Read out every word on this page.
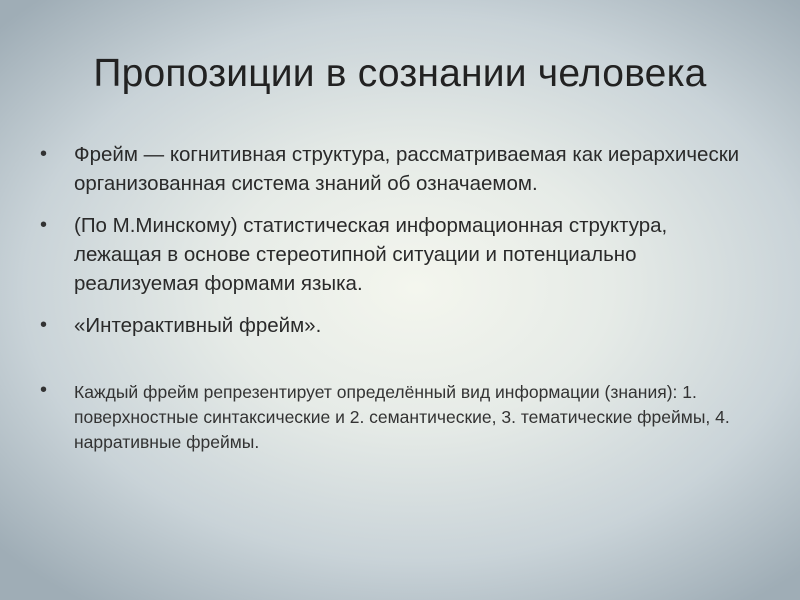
Пропозиции в сознании человека
• Фрейм — когнитивная структура, рассматриваемая как иерархически организованная система знаний об означаемом.
• (По М.Минскому) статистическая информационная структура, лежащая в основе стереотипной ситуации и потенциально реализуемая формами языка.
• «Интерактивный фрейм».
• Каждый фрейм репрезентирует определённый вид информации (знания): 1. поверхностные синтаксические и 2. семантические, 3. тематические фреймы, 4. нарративные фреймы.
